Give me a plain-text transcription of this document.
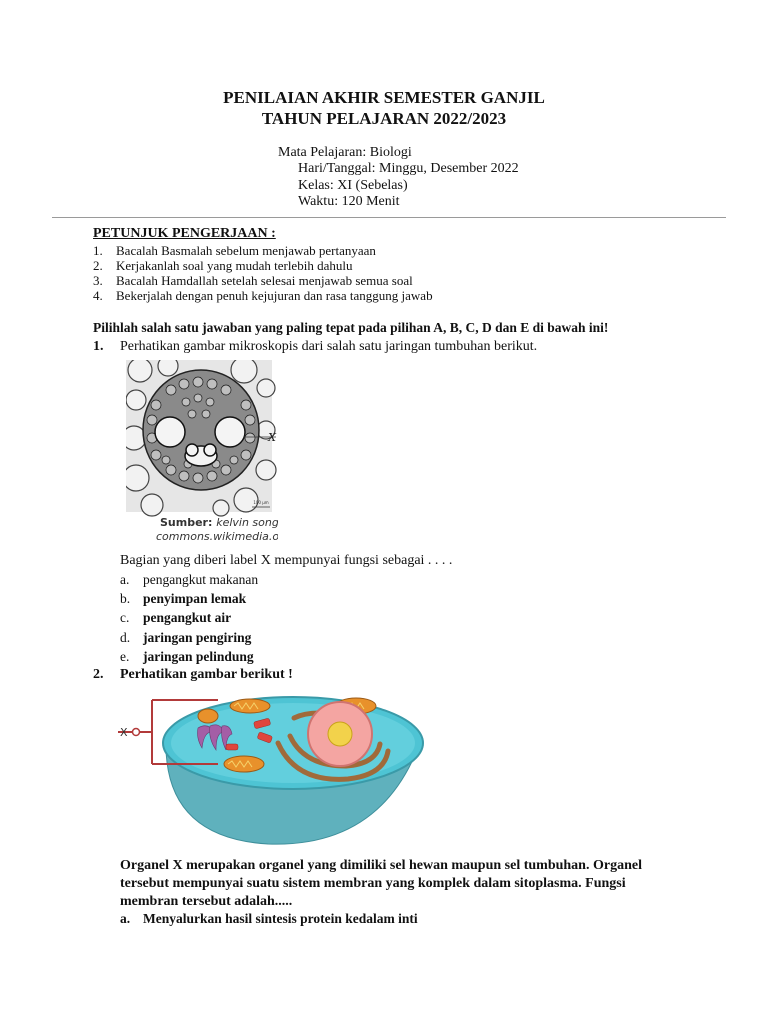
PENILAIAN AKHIR SEMESTER GANJIL
TAHUN PELAJARAN 2022/2023
Mata Pelajaran: Biologi
Hari/Tanggal: Minggu, Desember 2022
Kelas: XI (Sebelas)
Waktu: 120 Menit
PETUNJUK PENGERJAAN :
1. Bacalah Basmalah sebelum menjawab pertanyaan
2. Kerjakanlah soal yang mudah terlebih dahulu
3. Bacalah Hamdallah setelah selesai menjawab semua soal
4. Bekerjalah dengan penuh kejujuran dan rasa tanggung jawab
Pilihlah salah satu jawaban yang paling tepat pada pilihan A, B, C, D dan E di bawah ini!
1. Perhatikan gambar mikroskopis dari salah satu jaringan tumbuhan berikut.
X
100 µm
Sumber: kelvin song,
commons.wikimedia.org
Bagian yang diberi label X mempunyai fungsi sebagai . . . .
a. pengangkut makanan
b. penyimpan lemak
c. pengangkut air
d. jaringan pengiring
e. jaringan pelindung
2. Perhatikan gambar berikut !
X
Organel X merupakan organel yang dimiliki sel hewan maupun sel tumbuhan. Organel
tersebut mempunyai suatu sistem membran yang komplek dalam sitoplasma. Fungsi
membran tersebut adalah.....
a. Menyalurkan hasil sintesis protein kedalam inti
